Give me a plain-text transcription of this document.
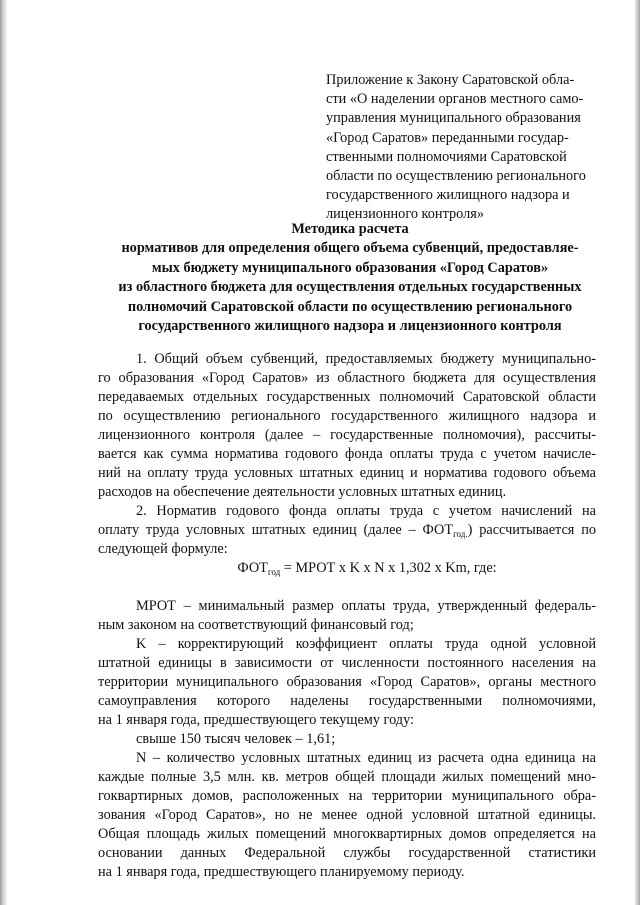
Приложение к Закону Саратовской обла-
сти «О наделении органов местного само-
управления муниципального образования
«Город Саратов» переданными государ-
ственными полномочиями Саратовской
области по осуществлению регионального
государственного жилищного надзора и
лицензионного контроля»
Методика расчета
нормативов для определения общего объема субвенций, предоставляе-
мых бюджету муниципального образования «Город Саратов»
из областного бюджета для осуществления отдельных государственных
полномочий Саратовской области по осуществлению регионального
государственного жилищного надзора и лицензионного контроля
1. Общий объем субвенций, предоставляемых бюджету муниципально-
го образования «Город Саратов» из областного бюджета для осуществления
передаваемых отдельных государственных полномочий Саратовской области
по осуществлению регионального государственного жилищного надзора и
лицензионного контроля (далее – государственные полномочия), рассчиты-
вается как сумма норматива годового фонда оплаты труда с учетом начисле-
ний на оплату труда условных штатных единиц и норматива годового объема
расходов на обеспечение деятельности условных штатных единиц.
2. Норматив годового фонда оплаты труда с учетом начислений на
оплату труда условных штатных единиц (далее – $ФОТ_{год.}$) рассчитывается по
следующей формуле:
$ФОТ_{год}$ = МРОТ х K х N х 1,302 х Km, где:
МРОТ – минимальный размер оплаты труда, утвержденный федераль-
ным законом на соответствующий финансовый год;
K – корректирующий коэффициент оплаты труда одной условной
штатной единицы в зависимости от численности постоянного населения на
территории муниципального образования «Город Саратов», органы местного
самоуправления которого наделены государственными полномочиями,
на 1 января года, предшествующего текущему году:
свыше 150 тысяч человек – 1,61;
N – количество условных штатных единиц из расчета одна единица на
каждые полные 3,5 млн. кв. метров общей площади жилых помещений мно-
гоквартирных домов, расположенных на территории муниципального обра-
зования «Город Саратов», но не менее одной условной штатной единицы.
Общая площадь жилых помещений многоквартирных домов определяется на
основании данных Федеральной службы государственной статистики
на 1 января года, предшествующего планируемому периоду.
